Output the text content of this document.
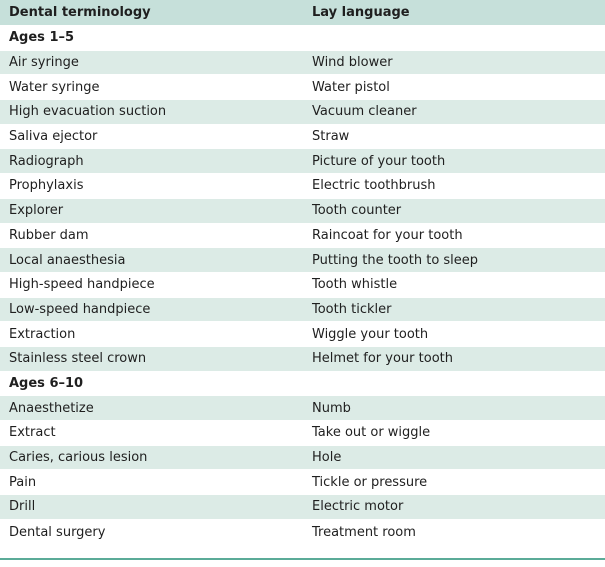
Dental terminology	Lay language
Ages 1–5
Air syringe	Wind blower
Water syringe	Water pistol
High evacuation suction	Vacuum cleaner
Saliva ejector	Straw
Radiograph	Picture of your tooth
Prophylaxis	Electric toothbrush
Explorer	Tooth counter
Rubber dam	Raincoat for your tooth
Local anaesthesia	Putting the tooth to sleep
High-speed handpiece	Tooth whistle
Low-speed handpiece	Tooth tickler
Extraction	Wiggle your tooth
Stainless steel crown	Helmet for your tooth
Ages 6–10
Anaesthetize	Numb
Extract	Take out or wiggle
Caries, carious lesion	Hole
Pain	Tickle or pressure
Drill	Electric motor
Dental surgery	Treatment room
